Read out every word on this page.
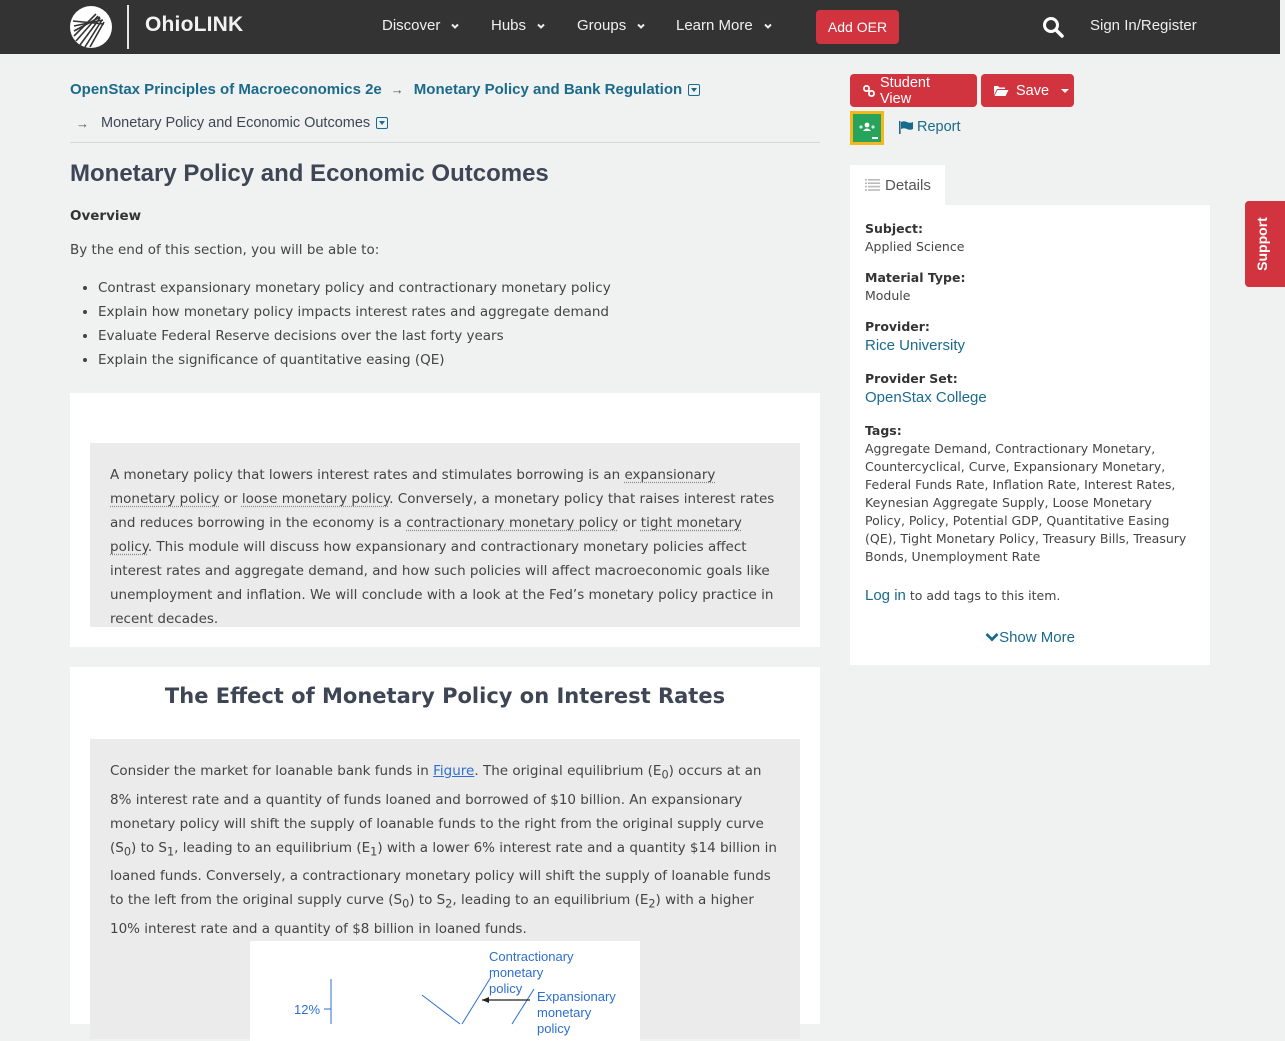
OhioLINK	Discover	Hubs	Groups	Learn More	Add OER	Sign In/Register
OpenStax Principles of Macroeconomics 2e → Monetary Policy and Bank Regulation
→ Monetary Policy and Economic Outcomes
Monetary Policy and Economic Outcomes
Overview
By the end of this section, you will be able to:
• Contrast expansionary monetary policy and contractionary monetary policy
• Explain how monetary policy impacts interest rates and aggregate demand
• Evaluate Federal Reserve decisions over the last forty years
• Explain the significance of quantitative easing (QE)
A monetary policy that lowers interest rates and stimulates borrowing is an expansionary monetary policy or loose monetary policy. Conversely, a monetary policy that raises interest rates and reduces borrowing in the economy is a contractionary monetary policy or tight monetary policy. This module will discuss how expansionary and contractionary monetary policies affect interest rates and aggregate demand, and how such policies will affect macroeconomic goals like unemployment and inflation. We will conclude with a look at the Fed’s monetary policy practice in recent decades.
The Effect of Monetary Policy on Interest Rates
Consider the market for loanable bank funds in Figure. The original equilibrium $(E_0)$ occurs at an 8% interest rate and a quantity of funds loaned and borrowed of $10 billion. An expansionary monetary policy will shift the supply of loanable funds to the right from the original supply curve $(S_0)$ to $S_1$, leading to an equilibrium $(E_1)$ with a lower 6% interest rate and a quantity $14 billion in loaned funds. Conversely, a contractionary monetary policy will shift the supply of loanable funds to the left from the original supply curve $(S_0)$ to $S_2$, leading to an equilibrium $(E_2)$ with a higher 10% interest rate and a quantity of $8 billion in loaned funds.
12%
Contractionary
monetary
policy
Expansionary
monetary
policy
Student View	Save
Report
Details
Subject:
Applied Science
Material Type:
Module
Provider:
Rice University
Provider Set:
OpenStax College
Tags:
Aggregate Demand, Contractionary Monetary, Countercyclical, Curve, Expansionary Monetary, Federal Funds Rate, Inflation Rate, Interest Rates, Keynesian Aggregate Supply, Loose Monetary Policy, Policy, Potential GDP, Quantitative Easing (QE), Tight Monetary Policy, Treasury Bills, Treasury Bonds, Unemployment Rate
Log in to add tags to this item.
Show More
Support
